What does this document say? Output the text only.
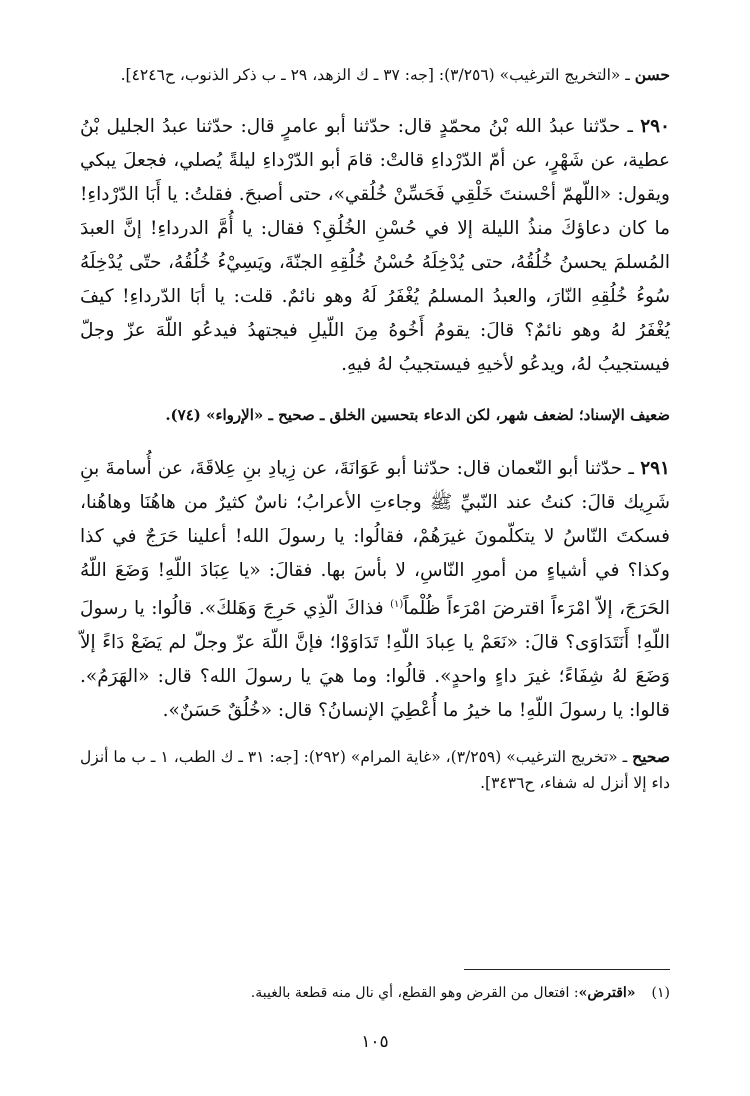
حسن ـ «التخريج الترغيب» (٣/٢٥٦): [جه: ٣٧ ـ ك الزهد، ٢٩ ـ ب ذكر الذنوب، ح٤٢٤٦].

٢٩٠ ـ حدّثنا عبدُ الله بْنُ محمّدٍ قال: حدّثنا أبو عامرٍ قال: حدّثنا عبدُ الجليل بْنُ عطية، عن شَهْرٍ، عن أمّ الدّرْداءِ قالتْ: قامَ أبو الدّرْداءِ ليلةً يُصلي، فجعلَ يبكي ويقول: «اللّهمّ أحْسنتَ خَلْقِي فَحَسِّنْ خُلُقي»، حتى أصبحَ. فقلتُ: يا أَبَا الدّرْداءِ! ما كان دعاؤكَ منذُ الليلة إلا في حُسْنِ الخُلُقِ؟ فقال: يا أُمَّ الدرداءِ! إنَّ العبدَ المُسلمَ يحسنُ خُلُقُهُ، حتى يُدْخِلَهُ حُسْنُ خُلُقِهِ الجنّةَ، ويَسِيْءُ خُلُقُهُ، حتّى يُدْخِلَهُ سُوءُ خُلُقِهِ النّارَ، والعبدُ المسلمُ يُغْفَرُ لَهُ وهو نائمٌ. قلت: يا أبَا الدّرداءِ! كيفَ يُغْفَرُ لهُ وهو نائمٌ؟ قالَ: يقومُ أَخُوهُ مِنَ اللّيلِ فيجتهدُ فيدعُو اللّهَ عزّ وجلّ فيستجيبُ لهُ، ويدعُو لأخيهِ فيستجيبُ لهُ فيهِ.

ضعيف الإسناد؛ لضعف شهر، لكن الدعاء بتحسين الخلق ـ صحيح ـ «الإرواء» (٧٤).

٢٩١ ـ حدّثنا أبو النّعمان قال: حدّثنا أبو عَوَانَةَ، عن زِيادِ بنِ عِلاقَةَ، عن أُسامةَ بنِ شَرِيك قالَ: كنتُ عند النّبيِّ ﷺ وجاءتِ الأعرابُ؛ ناسٌ كثيرٌ من هاهُنَا وهاهُنا، فسكتَ النّاسُ لا يتكلّمونَ غيرَهُمْ، فقالُوا: يا رسولَ الله! أعلينا حَرَجٌ في كذا وكذا؟ في أشياءٍ من أمورِ النّاسِ، لا بأسَ بها. فقالَ: «يا عِبَادَ اللّهِ! وَضَعَ اللّهُ الحَرَجَ، إلاّ امْرَءاً اقترضَ امْرَءاً ظُلْماً$^{(١)}$ فذاكَ الّذِي حَرِجَ وَهَلكَ». قالُوا: يا رسولَ اللّهِ! أَنَتَدَاوَى؟ قالَ: «نَعَمْ يا عِبادَ اللّهِ! تَدَاوَوْا؛ فإنَّ اللّهَ عزّ وجلّ لم يَضَعْ دَاءً إلاّ وَضَعَ لهُ شِفَاءً؛ غيرَ داءٍ واحدٍ». قالُوا: وما هيَ يا رسولَ الله؟ قال: «الهَرَمُ». قالوا: يا رسولَ اللّهِ! ما خيرُ ما أُعْطِيَ الإنسانُ؟ قال: «خُلُقٌ حَسَنٌ».

صحيح ـ «تخريج الترغيب» (٣/٢٥٩)، «غاية المرام» (٢٩٢): [جه: ٣١ ـ ك الطب، ١ ـ ب ما أنزل داء إلا أنزل له شفاء، ح٣٤٣٦].

(١)«اقترض»: افتعال من القرض وهو القطع، أي نال منه قطعة بالغيبة.

١٠٥
